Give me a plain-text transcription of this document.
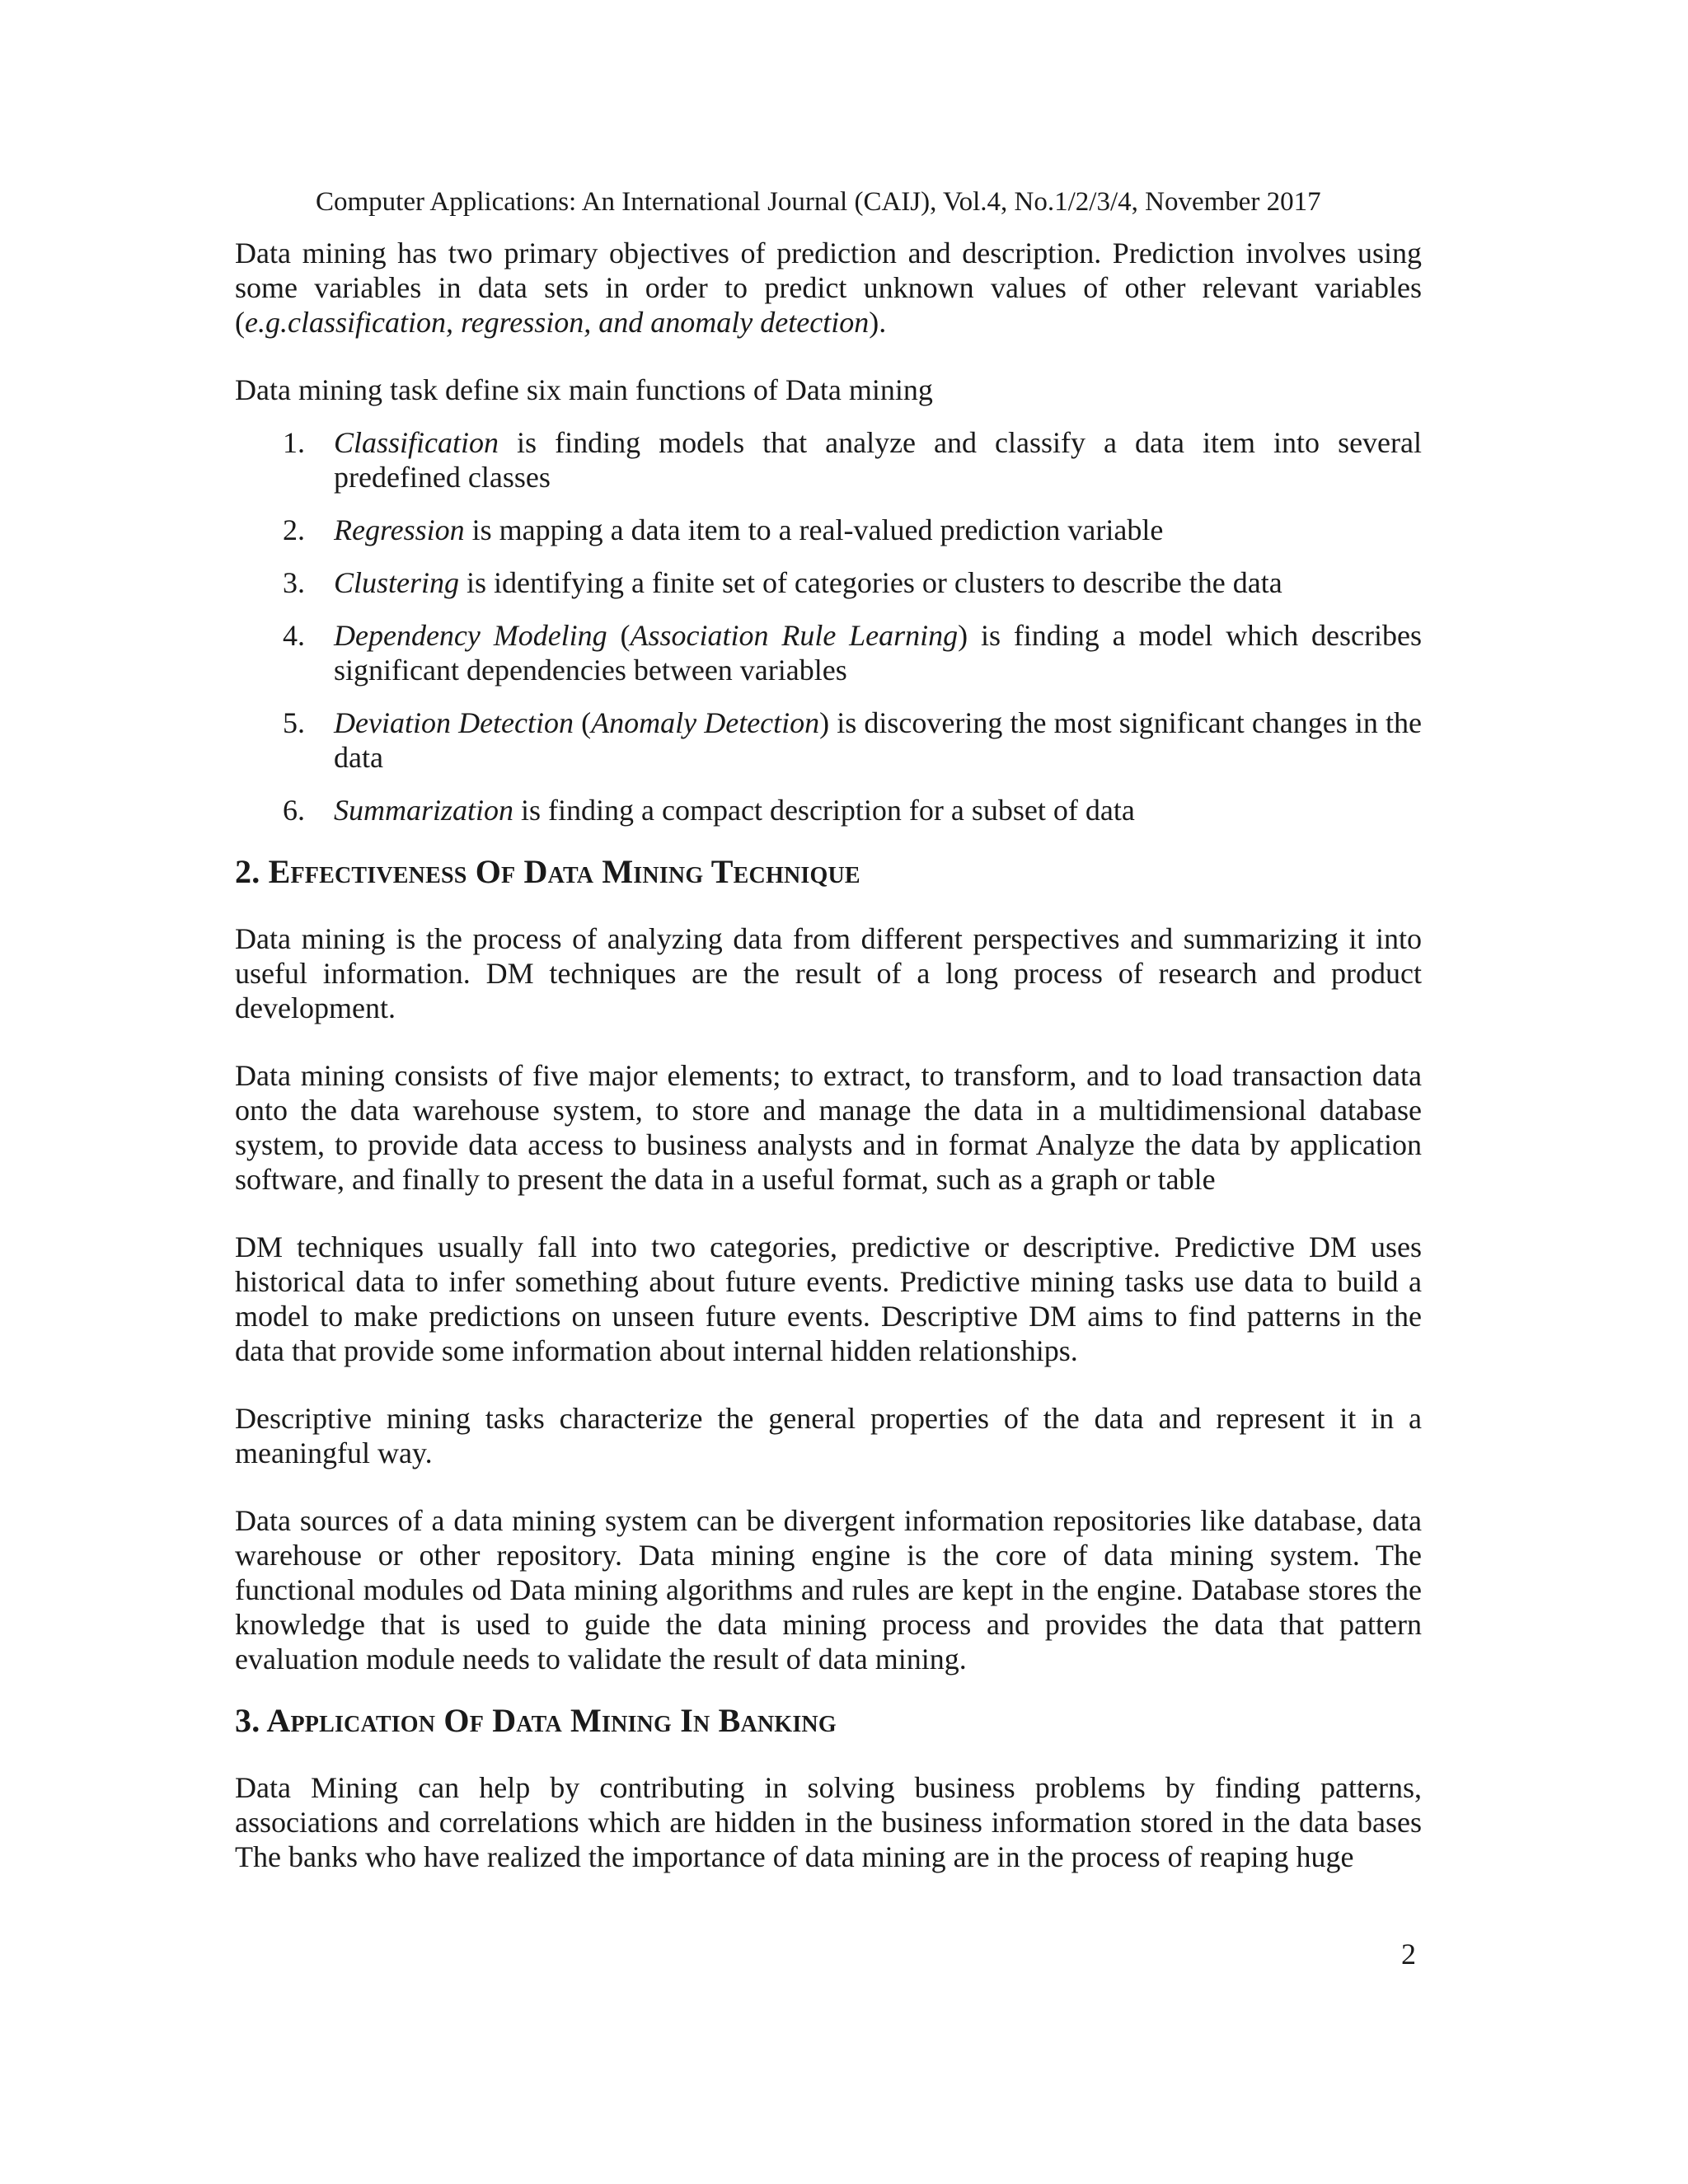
Computer Applications: An International Journal (CAIJ), Vol.4, No.1/2/3/4, November 2017

Data mining has two primary objectives of prediction and description. Prediction involves using some variables in data sets in order to predict unknown values of other relevant variables (e.g.classification, regression, and anomaly detection).

Data mining task define six main functions of Data mining

1. Classification is finding models that analyze and classify a data item into several predefined classes
2. Regression is mapping a data item to a real-valued prediction variable
3. Clustering is identifying a finite set of categories or clusters to describe the data
4. Dependency Modeling (Association Rule Learning) is finding a model which describes significant dependencies between variables
5. Deviation Detection (Anomaly Detection) is discovering the most significant changes in the data
6. Summarization is finding a compact description for a subset of data
2. Effectiveness Of Data Mining Technique

Data mining is the process of analyzing data from different perspectives and summarizing it into useful information. DM techniques are the result of a long process of research and product development.

Data mining consists of five major elements; to extract, to transform, and to load transaction data onto the data warehouse system, to store and manage the data in a multidimensional database system, to provide data access to business analysts and in format Analyze the data by application software, and finally to present the data in a useful format, such as a graph or table

DM techniques usually fall into two categories, predictive or descriptive. Predictive DM uses historical data to infer something about future events. Predictive mining tasks use data to build a model to make predictions on unseen future events. Descriptive DM aims to find patterns in the data that provide some information about internal hidden relationships.

Descriptive mining tasks characterize the general properties of the data and represent it in a meaningful way.

Data sources of a data mining system can be divergent information repositories like database, data warehouse or other repository. Data mining engine is the core of data mining system. The functional modules od Data mining algorithms and rules are kept in the engine. Database stores the knowledge that is used to guide the data mining process and provides the data that pattern evaluation module needs to validate the result of data mining.

3. Application Of Data Mining In Banking

Data Mining can help by contributing in solving business problems by finding patterns, associations and correlations which are hidden in the business information stored in the data bases The banks who have realized the importance of data mining are in the process of reaping huge

2
